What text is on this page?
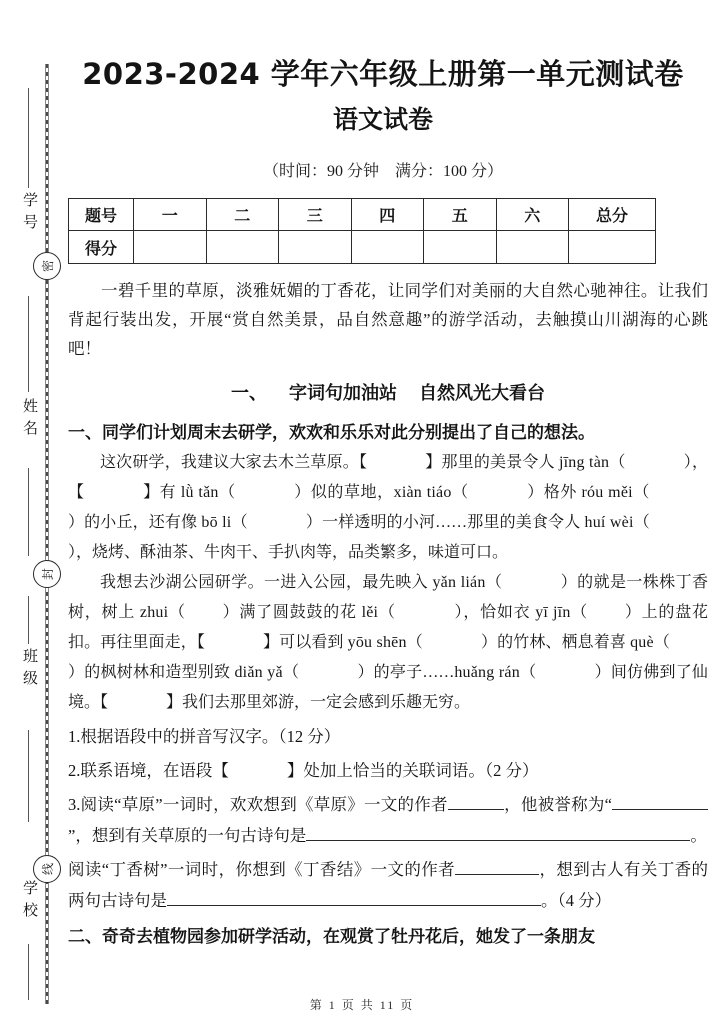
学号
密
姓名
封
班级
线
学校
2023-2024 学年六年级上册第一单元测试卷
语文试卷
（时间：90 分钟 满分：100 分）
题号	一	二	三	四	五	六	总分
得分							

一碧千里的草原，淡雅妩媚的丁香花，让同学们对美丽的大自然心驰神往。让我们背起行装出发，开展“赏自然美景，品自然意趣”的游学活动，去触摸山川湖海的心跳吧！

一、 字词句加油站 自然风光大看台

一、同学们计划周末去研学，欢欢和乐乐对此分别提出了自己的想法。

这次研学，我建议大家去木兰草原。【	】那里的美景令人 jīng tàn（	），【	】有 lǜ tǎn（	）似的草地，xiàn tiáo（	）格外 róu měi（ ）的小丘，还有像 bō li（	）一样透明的小河……那里的美食令人 huí wèi（ ），烧烤、酥油茶、牛肉干、手扒肉等，品类繁多，味道可口。

我想去沙湖公园研学。一进入公园，最先映入 yǎn lián（	）的就是一株株丁香树，树上 zhui（ ）满了圆鼓鼓的花 lěi（	），恰如衣 yī jīn（ ）上的盘花扣。再往里面走，【	】可以看到 yōu shēn（	）的竹林、栖息着喜 què（ ）的枫树林和造型别致 diǎn yǎ（	）的亭子……huǎng rán（	）间仿佛到了仙境。【	】我们去那里郊游，一定会感到乐趣无穷。

1.根据语段中的拼音写汉字。（12 分）

2.联系语境，在语段【	】处加上恰当的关联词语。（2 分）

3.阅读“草原”一词时，欢欢想到《草原》一文的作者	，他被誉称为“”，想到有关草原的一句古诗句是	。

阅读“丁香树”一词时，你想到《丁香结》一文的作者	，想到古人有关丁香的两句古诗句是	。（4 分）

二、奇奇去植物园参加研学活动，在观赏了牡丹花后，她发了一条朋友

第 1 页 共 11 页
